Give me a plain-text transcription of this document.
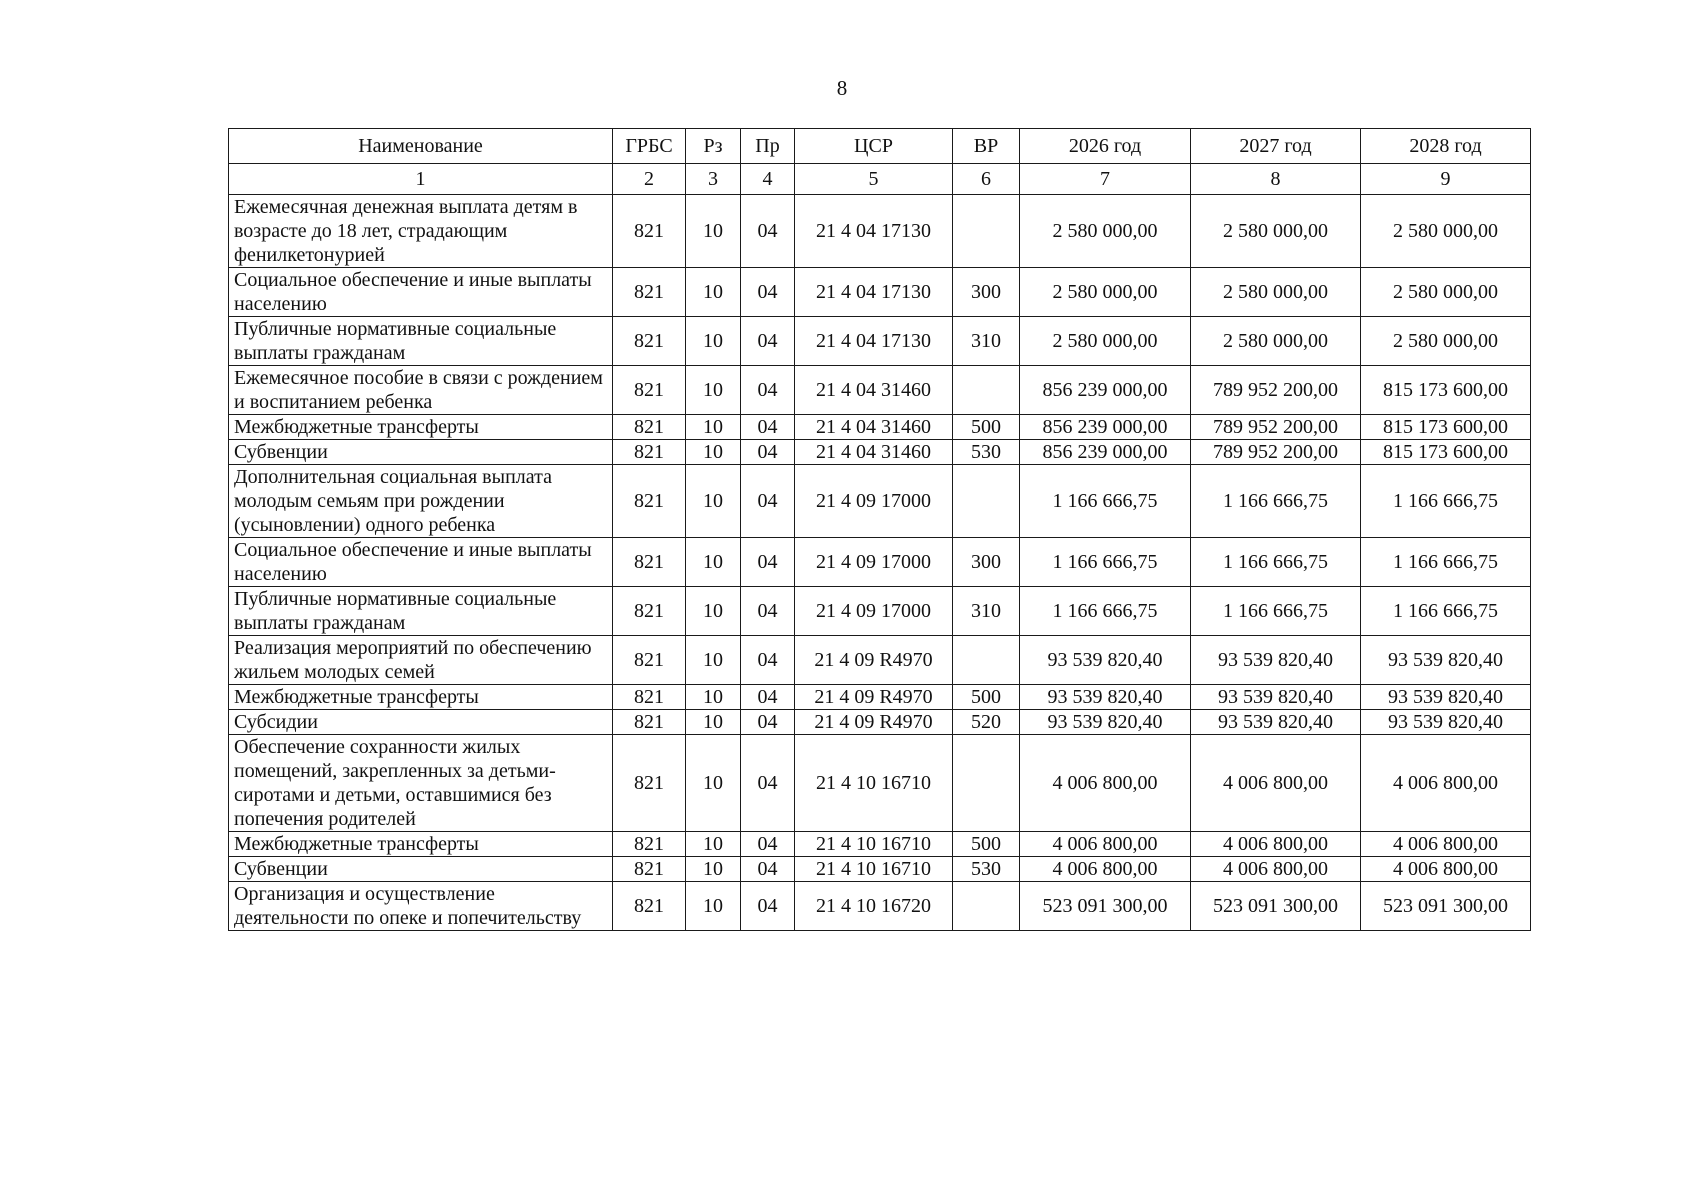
8
Наименование	ГРБС	Рз	Пр	ЦСР	ВР	2026 год	2027 год	2028 год
1	2	3	4	5	6	7	8	9
Ежемесячная денежная выплата детям в возрасте до 18 лет, страдающим фенилкетонурией	821	10	04	21 4 04 17130		2 580 000,00	2 580 000,00	2 580 000,00
Социальное обеспечение и иные выплаты населению	821	10	04	21 4 04 17130	300	2 580 000,00	2 580 000,00	2 580 000,00
Публичные нормативные социальные выплаты гражданам	821	10	04	21 4 04 17130	310	2 580 000,00	2 580 000,00	2 580 000,00
Ежемесячное пособие в связи с рождением и воспитанием ребенка	821	10	04	21 4 04 31460		856 239 000,00	789 952 200,00	815 173 600,00
Межбюджетные трансферты	821	10	04	21 4 04 31460	500	856 239 000,00	789 952 200,00	815 173 600,00
Субвенции	821	10	04	21 4 04 31460	530	856 239 000,00	789 952 200,00	815 173 600,00
Дополнительная социальная выплата молодым семьям при рождении (усыновлении) одного ребенка	821	10	04	21 4 09 17000		1 166 666,75	1 166 666,75	1 166 666,75
Социальное обеспечение и иные выплаты населению	821	10	04	21 4 09 17000	300	1 166 666,75	1 166 666,75	1 166 666,75
Публичные нормативные социальные выплаты гражданам	821	10	04	21 4 09 17000	310	1 166 666,75	1 166 666,75	1 166 666,75
Реализация мероприятий по обеспечению жильем молодых семей	821	10	04	21 4 09 R4970		93 539 820,40	93 539 820,40	93 539 820,40
Межбюджетные трансферты	821	10	04	21 4 09 R4970	500	93 539 820,40	93 539 820,40	93 539 820,40
Субсидии	821	10	04	21 4 09 R4970	520	93 539 820,40	93 539 820,40	93 539 820,40
Обеспечение сохранности жилых помещений, закрепленных за детьми-сиротами и детьми, оставшимися без попечения родителей	821	10	04	21 4 10 16710		4 006 800,00	4 006 800,00	4 006 800,00
Межбюджетные трансферты	821	10	04	21 4 10 16710	500	4 006 800,00	4 006 800,00	4 006 800,00
Субвенции	821	10	04	21 4 10 16710	530	4 006 800,00	4 006 800,00	4 006 800,00
Организация и осуществление деятельности по опеке и попечительству	821	10	04	21 4 10 16720		523 091 300,00	523 091 300,00	523 091 300,00
